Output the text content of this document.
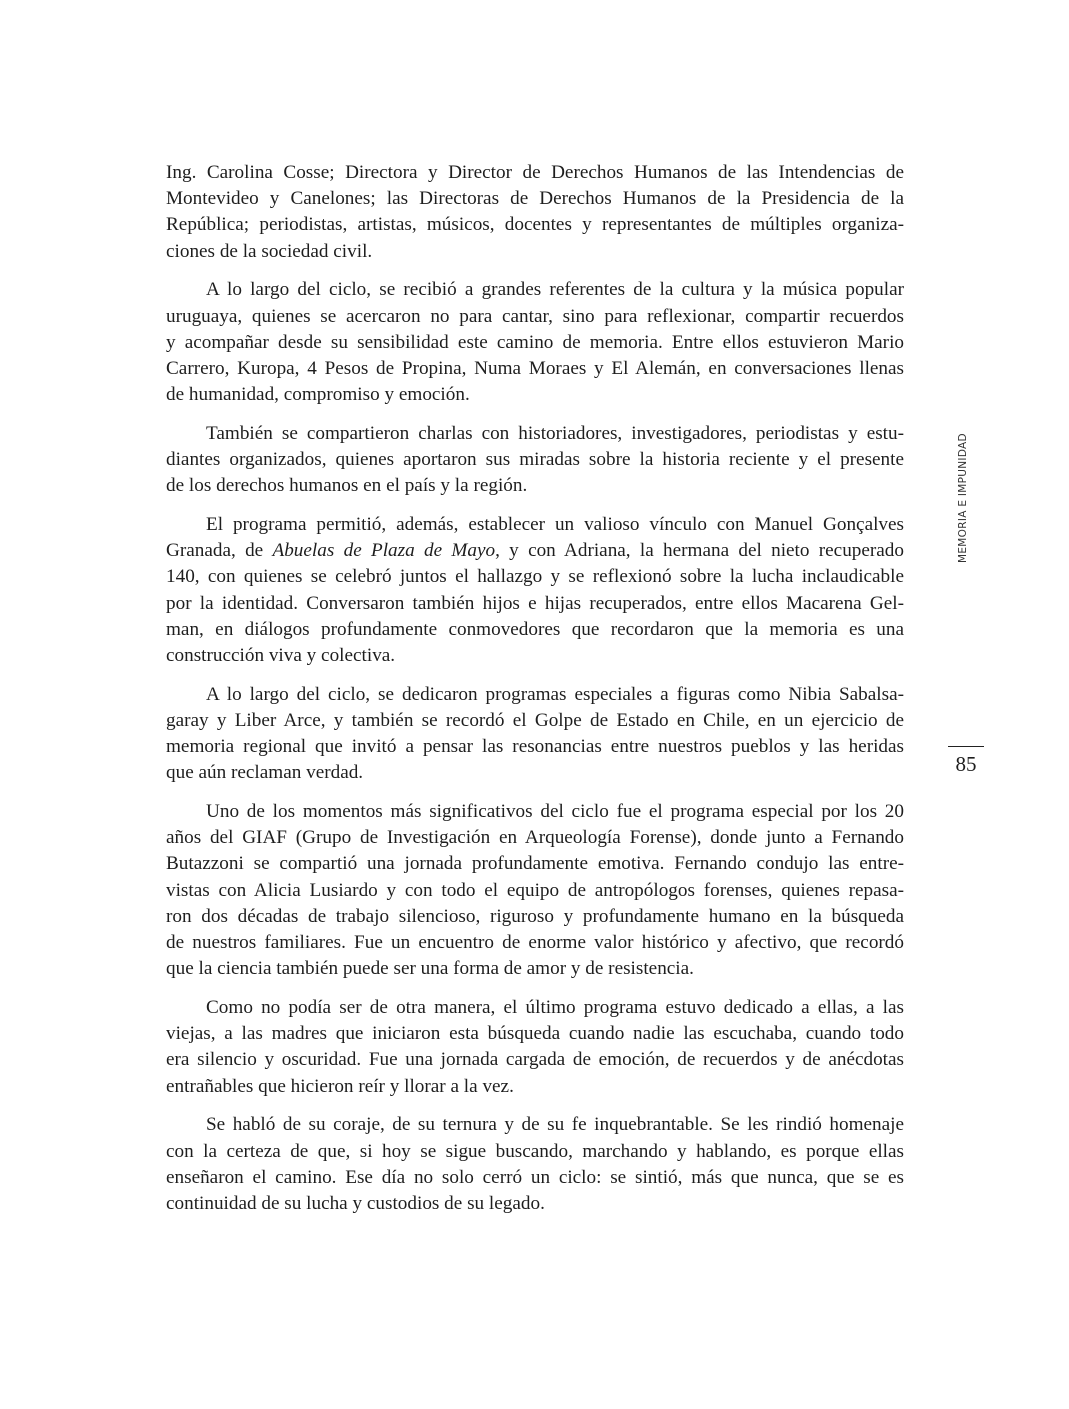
Ing. Carolina Cosse; Directora y Director de Derechos Humanos de las Intendencias de
Montevideo y Canelones; las Directoras de Derechos Humanos de la Presidencia de la
República; periodistas, artistas, músicos, docentes y representantes de múltiples organiza-
ciones de la sociedad civil.

A lo largo del ciclo, se recibió a grandes referentes de la cultura y la música popular
uruguaya, quienes se acercaron no para cantar, sino para reflexionar, compartir recuerdos
y acompañar desde su sensibilidad este camino de memoria. Entre ellos estuvieron Mario
Carrero, Kuropa, 4 Pesos de Propina, Numa Moraes y El Alemán, en conversaciones llenas
de humanidad, compromiso y emoción.

También se compartieron charlas con historiadores, investigadores, periodistas y estu-
diantes organizados, quienes aportaron sus miradas sobre la historia reciente y el presente
de los derechos humanos en el país y la región.

El programa permitió, además, establecer un valioso vínculo con Manuel Gonçalves
Granada, de Abuelas de Plaza de Mayo, y con Adriana, la hermana del nieto recuperado
140, con quienes se celebró juntos el hallazgo y se reflexionó sobre la lucha inclaudicable
por la identidad. Conversaron también hijos e hijas recuperados, entre ellos Macarena Gel-
man, en diálogos profundamente conmovedores que recordaron que la memoria es una
construcción viva y colectiva.

A lo largo del ciclo, se dedicaron programas especiales a figuras como Nibia Sabalsa-
garay y Liber Arce, y también se recordó el Golpe de Estado en Chile, en un ejercicio de
memoria regional que invitó a pensar las resonancias entre nuestros pueblos y las heridas
que aún reclaman verdad.

Uno de los momentos más significativos del ciclo fue el programa especial por los 20
años del GIAF (Grupo de Investigación en Arqueología Forense), donde junto a Fernando
Butazzoni se compartió una jornada profundamente emotiva. Fernando condujo las entre-
vistas con Alicia Lusiardo y con todo el equipo de antropólogos forenses, quienes repasa-
ron dos décadas de trabajo silencioso, riguroso y profundamente humano en la búsqueda
de nuestros familiares. Fue un encuentro de enorme valor histórico y afectivo, que recordó
que la ciencia también puede ser una forma de amor y de resistencia.

Como no podía ser de otra manera, el último programa estuvo dedicado a ellas, a las
viejas, a las madres que iniciaron esta búsqueda cuando nadie las escuchaba, cuando todo
era silencio y oscuridad. Fue una jornada cargada de emoción, de recuerdos y de anécdotas
entrañables que hicieron reír y llorar a la vez.

Se habló de su coraje, de su ternura y de su fe inquebrantable. Se les rindió homenaje
con la certeza de que, si hoy se sigue buscando, marchando y hablando, es porque ellas
enseñaron el camino. Ese día no solo cerró un ciclo: se sintió, más que nunca, que se es
continuidad de su lucha y custodios de su legado.

MEMORIA E IMPUNIDAD
85
